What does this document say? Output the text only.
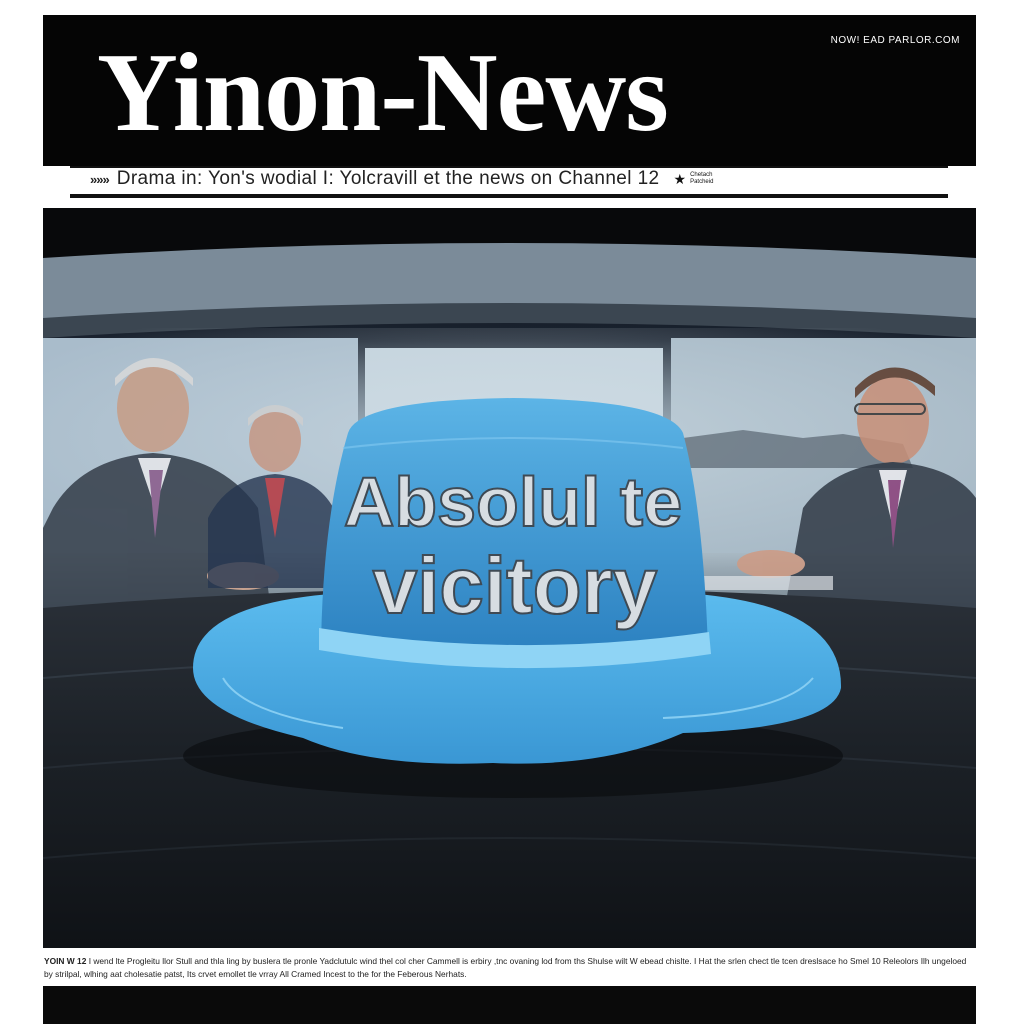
Yinon-News	NOW! EAD PARLOR.COM
»»» Drama in: Yon's wodial I: Yolcravill et the news on Channel 12 ★ Chetach
Patcheid
Absolul te
vicitory
YOIN W 12 I wend lte Progleitu llor Stull and thla ling by buslera tle pronle Yadclutulc wind thel col cher Cammell is erbiry ,tnc ovaning lod from ths Shulse wilt W ebead chislte. I Hat the srlen chect tle tcen dreslsace ho Smel 10 Releolors Ilh ungeloed by strilpal, wlhing aat cholesatie patst, Its crvet emollet tle vrray All Cramed Incest to the for the Feberous Nerhats.
